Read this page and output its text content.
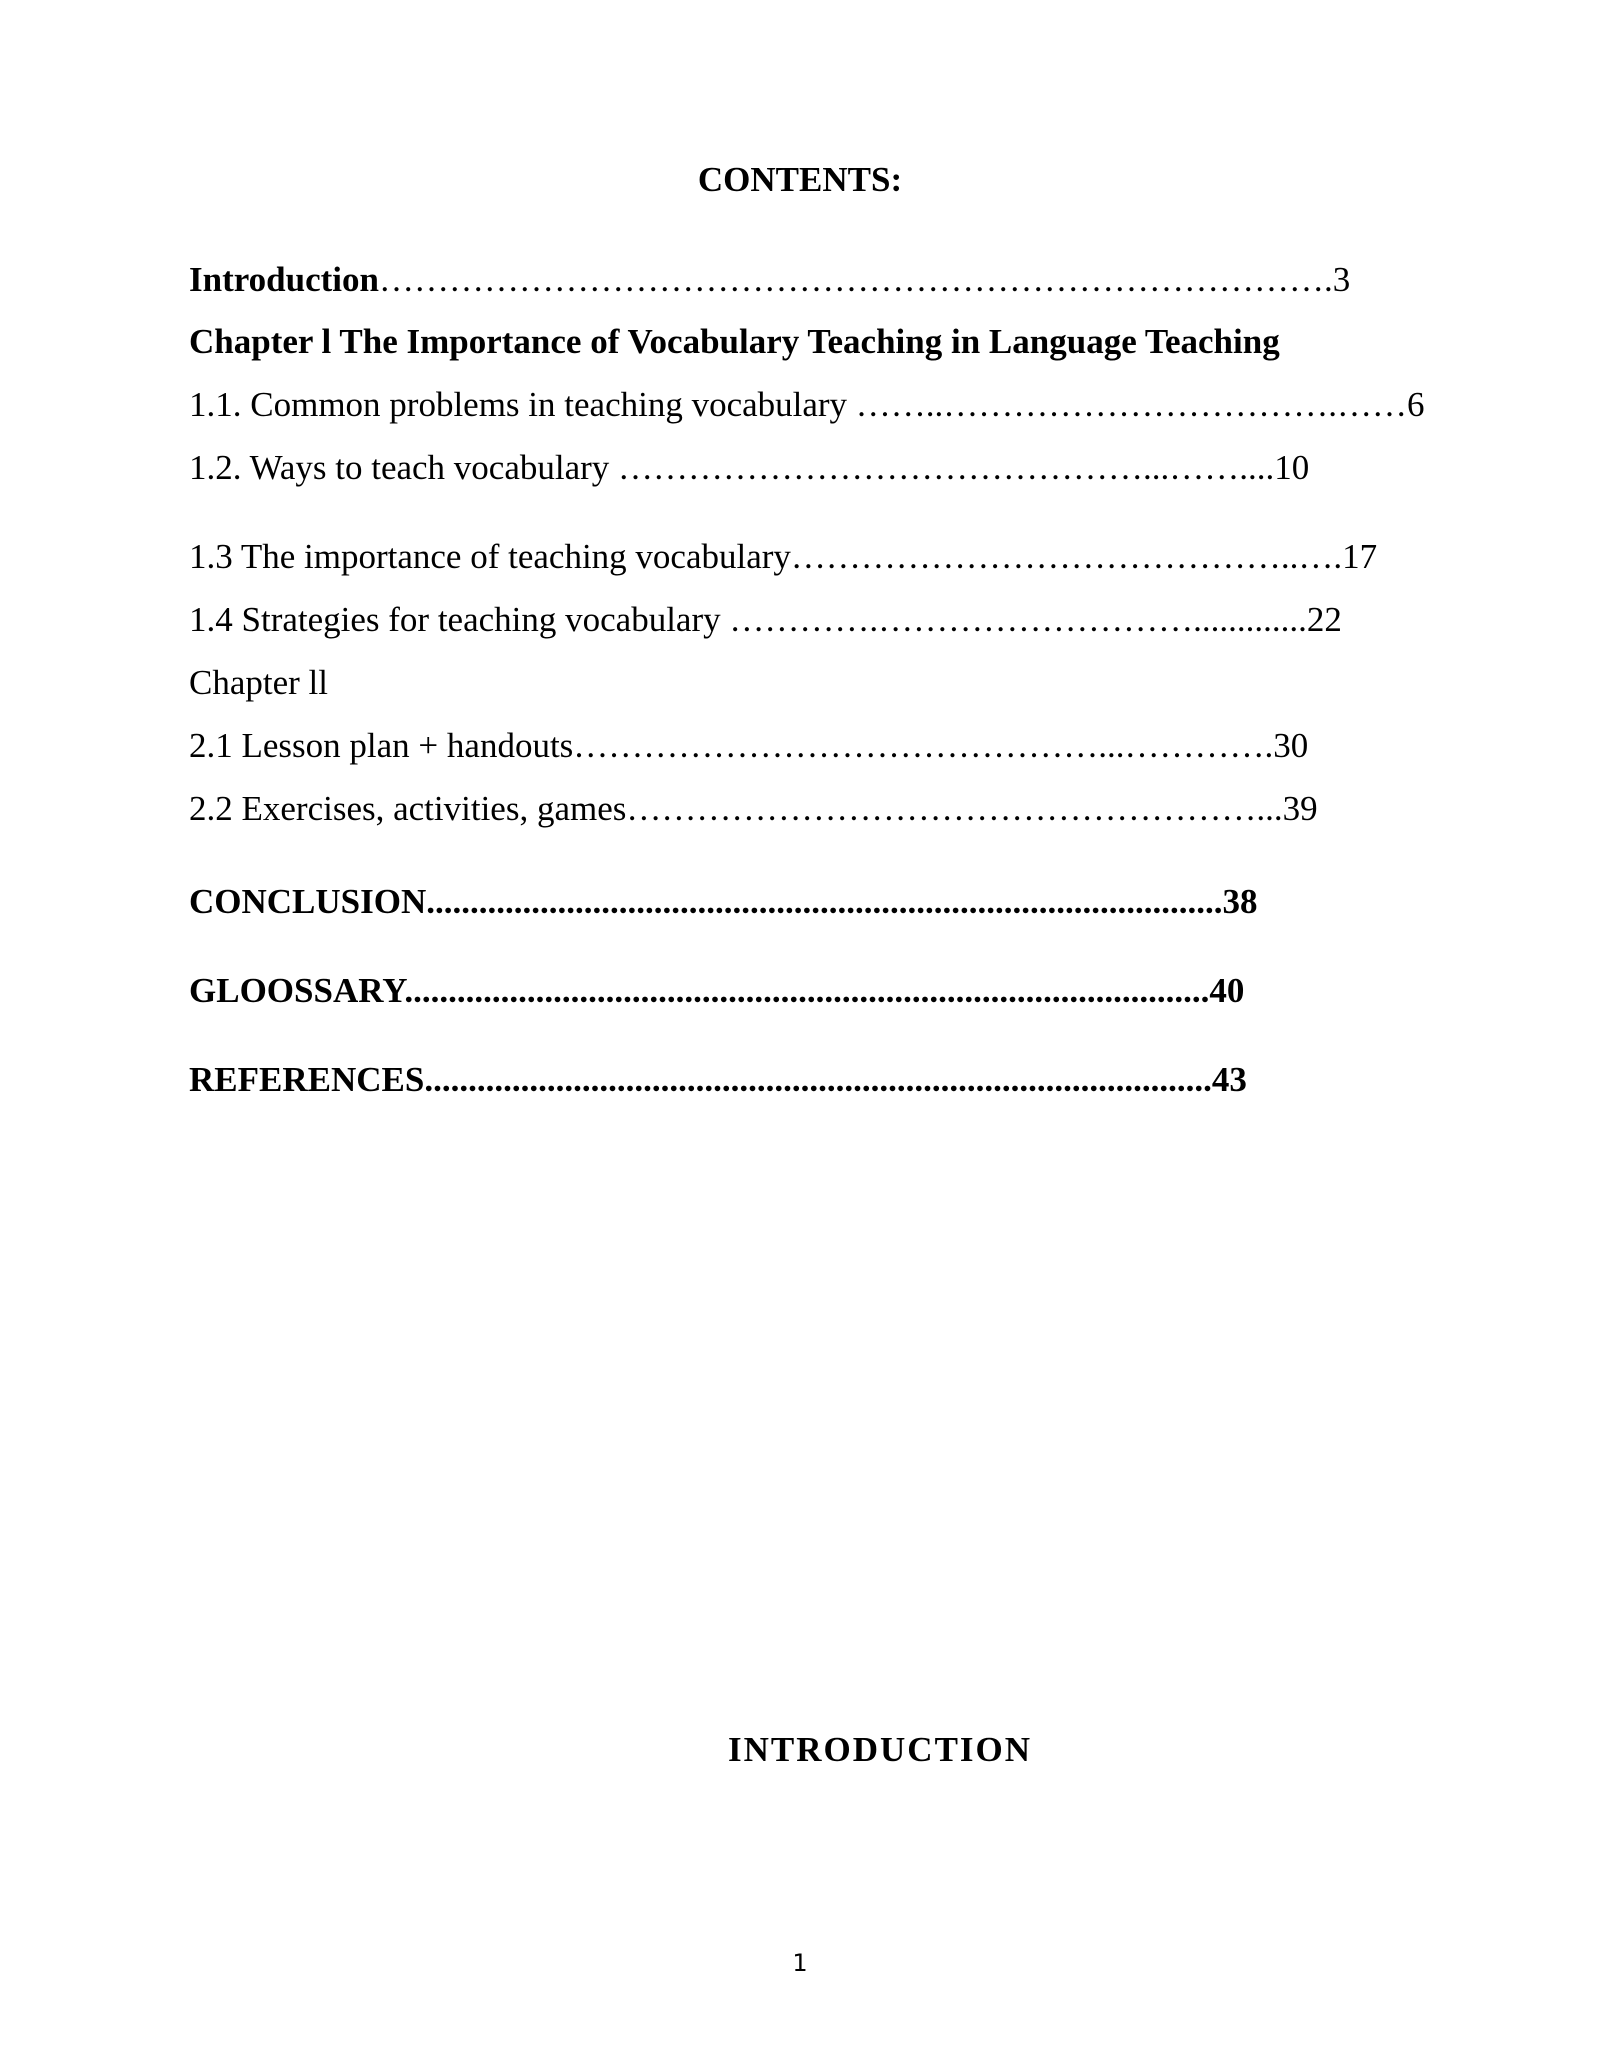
CONTENTS:
Introduction……………………………………………………………………….3
Chapter l The Importance of Vocabulary Teaching in Language Teaching
1.1. Common problems in teaching vocabulary ……..…………………………….……6
1.2. Ways to teach vocabulary ………………………………………...……....10
1.3 The importance of teaching vocabulary……………………………………..….17
1.4 Strategies for teaching vocabulary ………….……………………….............22
Chapter ll
2.1 Lesson plan + handouts………………………………………...………….30
2.2 Exercises, activities, games………………………………………………...39
CONCLUSION...........................................................................................38
GLOOSSARY............................................................................................40
REFERENCES..........................................................................................43
INTRODUCTION
1
